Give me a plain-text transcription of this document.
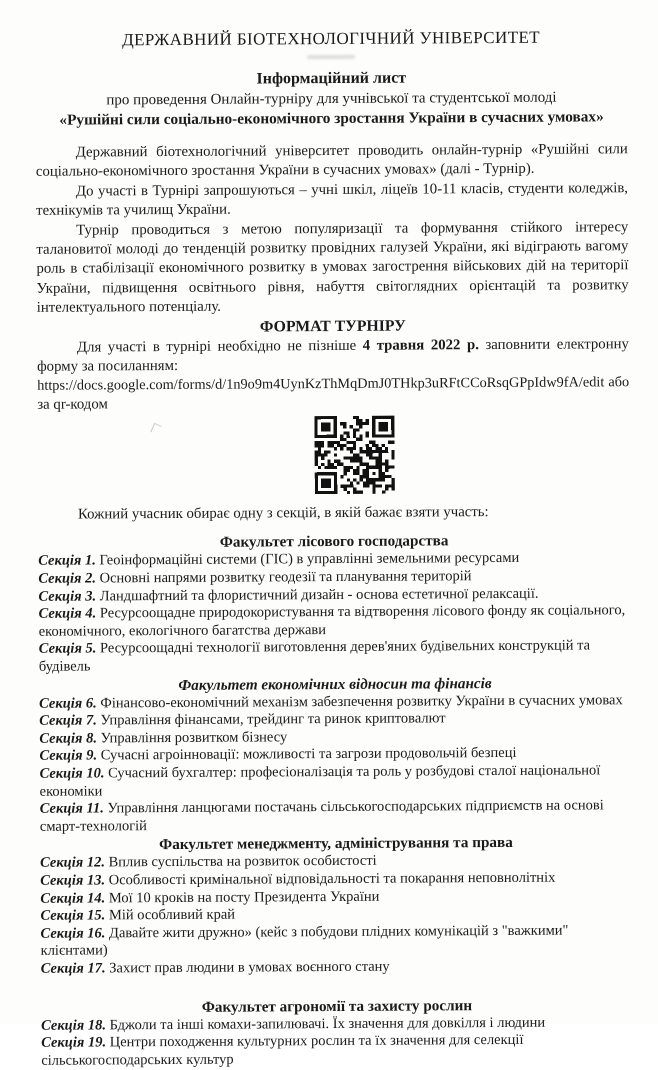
ДЕРЖАВНИЙ БІОТЕХНОЛОГІЧНИЙ УНІВЕРСИТЕТ
Інформаційний лист
про проведення Онлайн-турніру для учнівської та студентської молоді
«Рушійні сили соціально-економічного зростання України в сучасних умовах»

Державний біотехнологічний університет проводить онлайн-турнір «Рушійні сили соціально-економічного зростання України в сучасних умовах» (далі - Турнір).

До участі в Турнірі запрошуються – учні шкіл, ліцеїв 10-11 класів, студенти коледжів, технікумів та училищ України.

Турнір проводиться з метою популяризації та формування стійкого інтересу талановитої молоді до тенденцій розвитку провідних галузей України, які відіграють вагому роль в стабілізації економічного розвитку в умовах загострення військових дій на території України, підвищення освітнього рівня, набуття світоглядних орієнтацій та розвитку інтелектуального потенціалу.

ФОРМАТ ТУРНІРУ

Для участі в турнірі необхідно не пізніше 4 травня 2022 р. заповнити електронну форму за посиланням:

https://docs.google.com/forms/d/1n9o9m4UynKzThMqDmJ0THkp3uRFtCCoRsqGPpIdw9fA/edit або
за qr-кодом

Кожний учасник обирає одну з секцій, в якій бажає взяти участь:

Факультет лісового господарства
Секція 1. Геоінформаційні системи (ГІС) в управлінні земельними ресурсами
Секція 2. Основні напрями розвитку геодезії та планування територій
Секція 3. Ландшафтний та флористичний дизайн - основа естетичної релаксації.
Секція 4. Ресурсоощадне природокористування та відтворення лісового фонду як соціального, економічного, екологічного багатства держави
Секція 5. Ресурсоощадні технології виготовлення дерев'яних будівельних конструкцій та будівель
Факультет економічних відносин та фінансів
Секція 6. Фінансово-економічний механізм забезпечення розвитку України в сучасних умовах
Секція 7. Управління фінансами, трейдинг та ринок криптовалют
Секція 8. Управління розвитком бізнесу
Секція 9. Сучасні агроінновації: можливості та загрози продовольчій безпеці
Секція 10. Сучасний бухгалтер: професіоналізація та роль у розбудові сталої національної економіки
Секція 11. Управління ланцюгами постачань сільськогосподарських підприємств на основі смарт-технологій
Факультет менеджменту, адміністрування та права
Секція 12. Вплив суспільства на розвиток особистості
Секція 13. Особливості кримінальної відповідальності та покарання неповнолітніх
Секція 14. Мої 10 кроків на посту Президента України
Секція 15. Мій особливий край
Секція 16. Давайте жити дружно» (кейс з побудови плідних комунікацій з "важкими" клієнтами)
Секція 17. Захист прав людини в умовах воєнного стану
Факультет агрономії та захисту рослин
Секція 18. Бджоли та інші комахи-запилювачі. Їх значення для довкілля і людини
Секція 19. Центри походження культурних рослин та їх значення для селекції сільськогосподарських культур
